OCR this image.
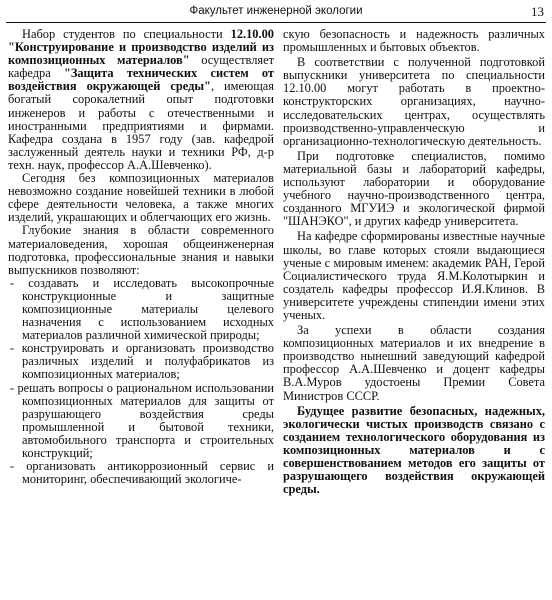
Факультет инженерной экологии	13

Набор студентов по специальности 12.10.00 "Конструирование и производство изделий из композиционных материалов" осуществляет кафедра "Защита технических систем от воздействия окружающей среды", имеющая богатый сорокалетний опыт подготовки инженеров и работы с отечественными и иностранными предприятиями и фирмами. Кафедра создана в 1957 году (зав. кафедрой заслуженный деятель науки и техники РФ, д-р техн. наук, профессор А.А.Шевченко).

Сегодня без композиционных материалов невозможно создание новейшей техники в любой сфере деятельности человека, а также многих изделий, украшающих и облегчающих его жизнь.

Глубокие знания в области современного материаловедения, хорошая общеинженерная подготовка, профессиональные знания и навыки выпускников позволяют:

- создавать и исследовать высокопрочные конструкционные и защитные композиционные материалы целевого назначения с использованием исходных материалов различной химической природы;

- конструировать и организовать производство различных изделий и полуфабрикатов из композиционных материалов;

- решать вопросы о рациональном использовании композиционных материалов для защиты от разрушающего воздействия среды промышленной и бытовой техники, автомобильного транспорта и строительных конструкций;

- организовать антикоррозионный сервис и мониторинг, обеспечивающий экологиче-

скую безопасность и надежность различных промышленных и бытовых объектов.

В соответствии с полученной подготовкой выпускники университета по специальности 12.10.00 могут работать в проектно-конструкторских организациях, научно-исследовательских центрах, осуществлять производственно-управленческую и организационно-технологическую деятельность.

При подготовке специалистов, помимо материальной базы и лабораторий кафедры, используют лаборатории и оборудование учебного научно-производственного центра, созданного МГУИЭ и экологической фирмой "ШАНЭКО", и других кафедр университета.

На кафедре сформированы известные научные школы, во главе которых стояли выдающиеся ученые с мировым именем: академик РАН, Герой Социалистического труда Я.М.Колотыркин и создатель кафедры профессор И.Я.Клинов. В университете учреждены стипендии имени этих ученых.

За успехи в области создания композиционных материалов и их внедрение в производство нынешний заведующий кафедрой профессор А.А.Шевченко и доцент кафедры В.А.Муров удостоены Премии Совета Министров СССР.

Будущее развитие безопасных, надежных, экологически чистых производств связано с созданием технологического оборудования из композиционных материалов и с совершенствованием методов его защиты от разрушающего воздействия окружающей среды.
